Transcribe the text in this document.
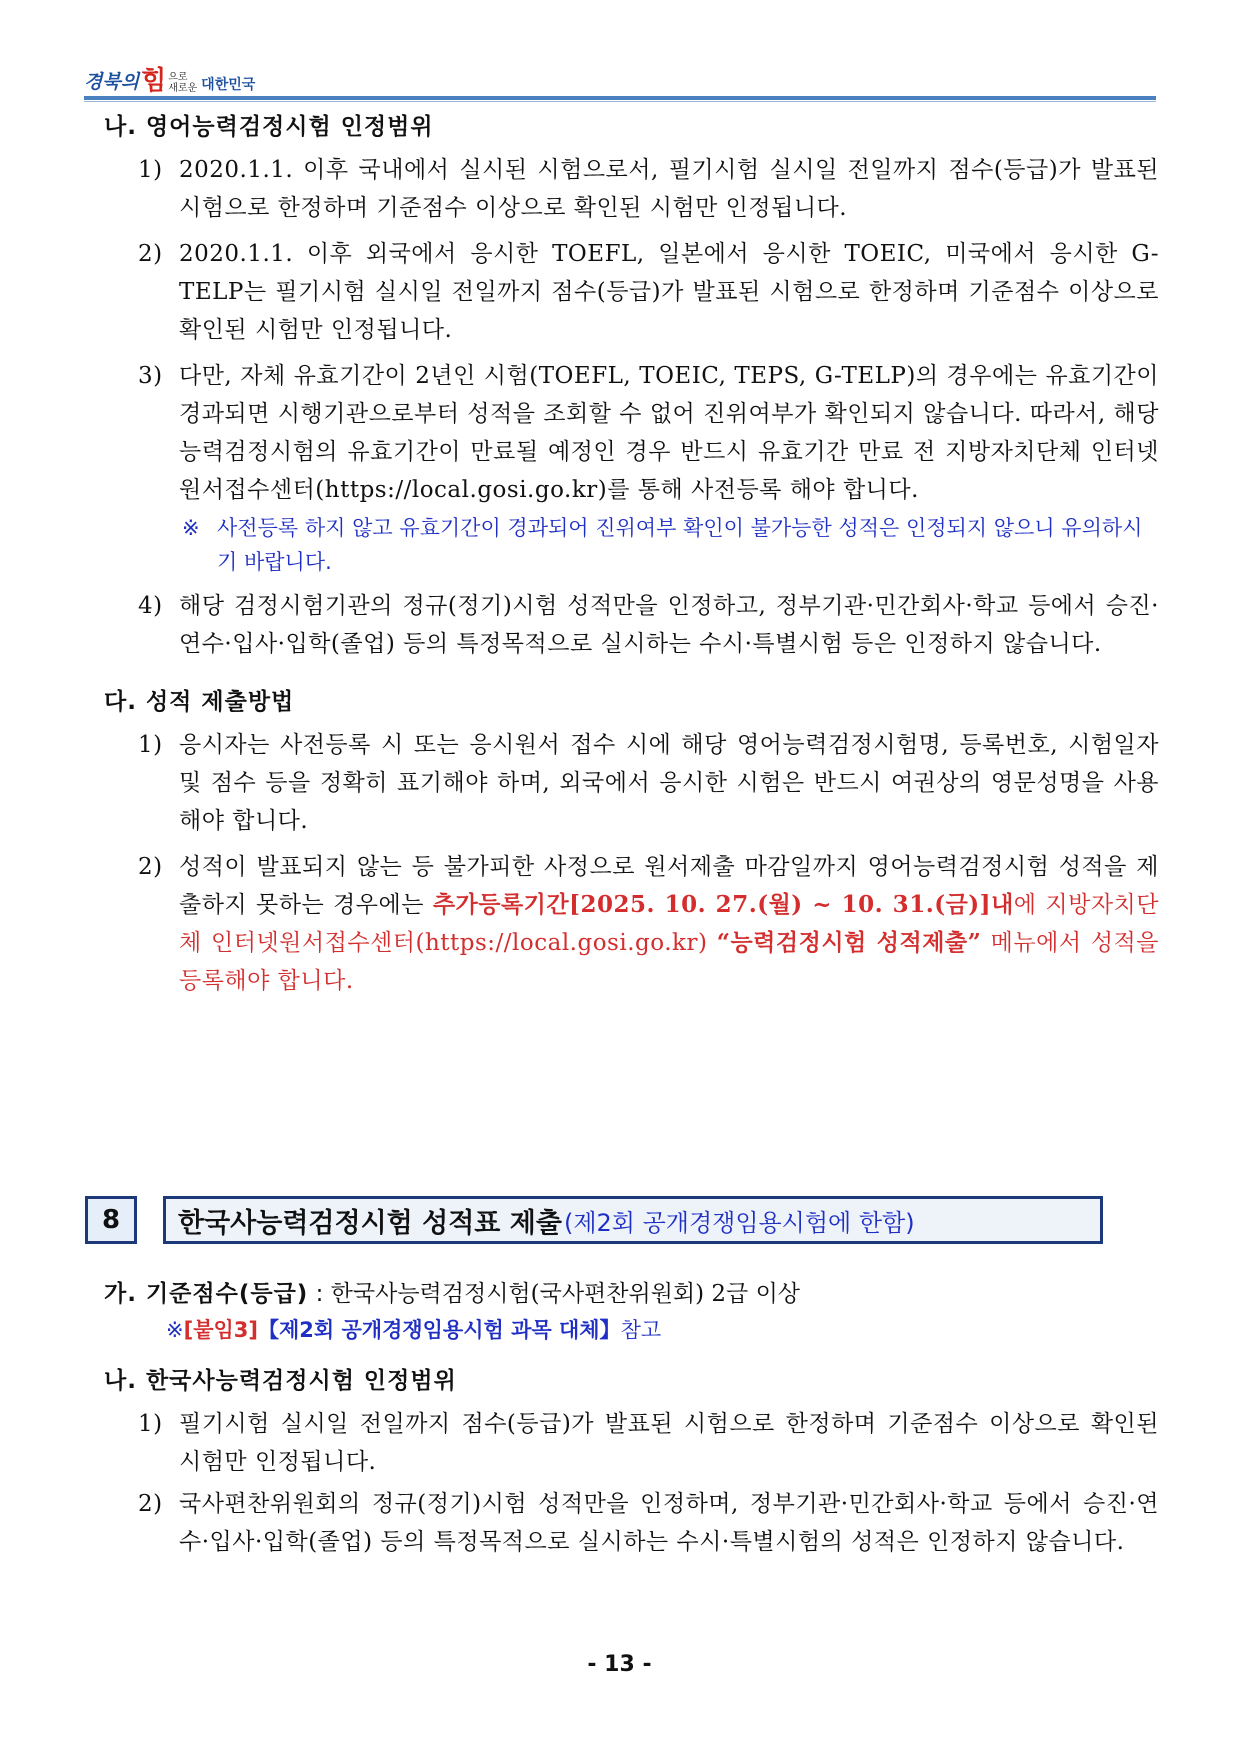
경북의 힘 으로
새로운 대한민국
나. 영어능력검정시험 인정범위
1) 2020.1.1. 이후 국내에서 실시된 시험으로서, 필기시험 실시일 전일까지 점수(등급)가 발표된 시험으로 한정하며 기준점수 이상으로 확인된 시험만 인정됩니다.
2) 2020.1.1. 이후 외국에서 응시한 TOEFL, 일본에서 응시한 TOEIC, 미국에서 응시한 G-TELP는 필기시험 실시일 전일까지 점수(등급)가 발표된 시험으로 한정하며 기준점수 이상으로 확인된 시험만 인정됩니다.
3) 다만, 자체 유효기간이 2년인 시험(TOEFL, TOEIC, TEPS, G-TELP)의 경우에는 유효기간이 경과되면 시행기관으로부터 성적을 조회할 수 없어 진위여부가 확인되지 않습니다. 따라서, 해당 능력검정시험의 유효기간이 만료될 예정인 경우 반드시 유효기간 만료 전 지방자치단체 인터넷원서접수센터(https://local.gosi.go.kr)를 통해 사전등록 해야 합니다.
※ 사전등록 하지 않고 유효기간이 경과되어 진위여부 확인이 불가능한 성적은 인정되지 않으니 유의하시기 바랍니다.
4) 해당 검정시험기관의 정규(정기)시험 성적만을 인정하고, 정부기관·민간회사·학교 등에서 승진·연수·입사·입학(졸업) 등의 특정목적으로 실시하는 수시·특별시험 등은 인정하지 않습니다.
다. 성적 제출방법
1) 응시자는 사전등록 시 또는 응시원서 접수 시에 해당 영어능력검정시험명, 등록번호, 시험일자 및 점수 등을 정확히 표기해야 하며, 외국에서 응시한 시험은 반드시 여권상의 영문성명을 사용해야 합니다.
2) 성적이 발표되지 않는 등 불가피한 사정으로 원서제출 마감일까지 영어능력검정시험 성적을 제출하지 못하는 경우에는 추가등록기간[2025. 10. 27.(월) ~ 10. 31.(금)]내에 지방자치단체 인터넷원서접수센터(https://local.gosi.go.kr) “능력검정시험 성적제출” 메뉴에서 성적을 등록해야 합니다.
8	한국사능력검정시험 성적표 제출 (제2회 공개경쟁임용시험에 한함)
가. 기준점수(등급) : 한국사능력검정시험(국사편찬위원회) 2급 이상
※[붙임3]【제2회 공개경쟁임용시험 과목 대체】참고
나. 한국사능력검정시험 인정범위
1) 필기시험 실시일 전일까지 점수(등급)가 발표된 시험으로 한정하며 기준점수 이상으로 확인된 시험만 인정됩니다.
2) 국사편찬위원회의 정규(정기)시험 성적만을 인정하며, 정부기관·민간회사·학교 등에서 승진·연수·입사·입학(졸업) 등의 특정목적으로 실시하는 수시·특별시험의 성적은 인정하지 않습니다.
- 13 -
